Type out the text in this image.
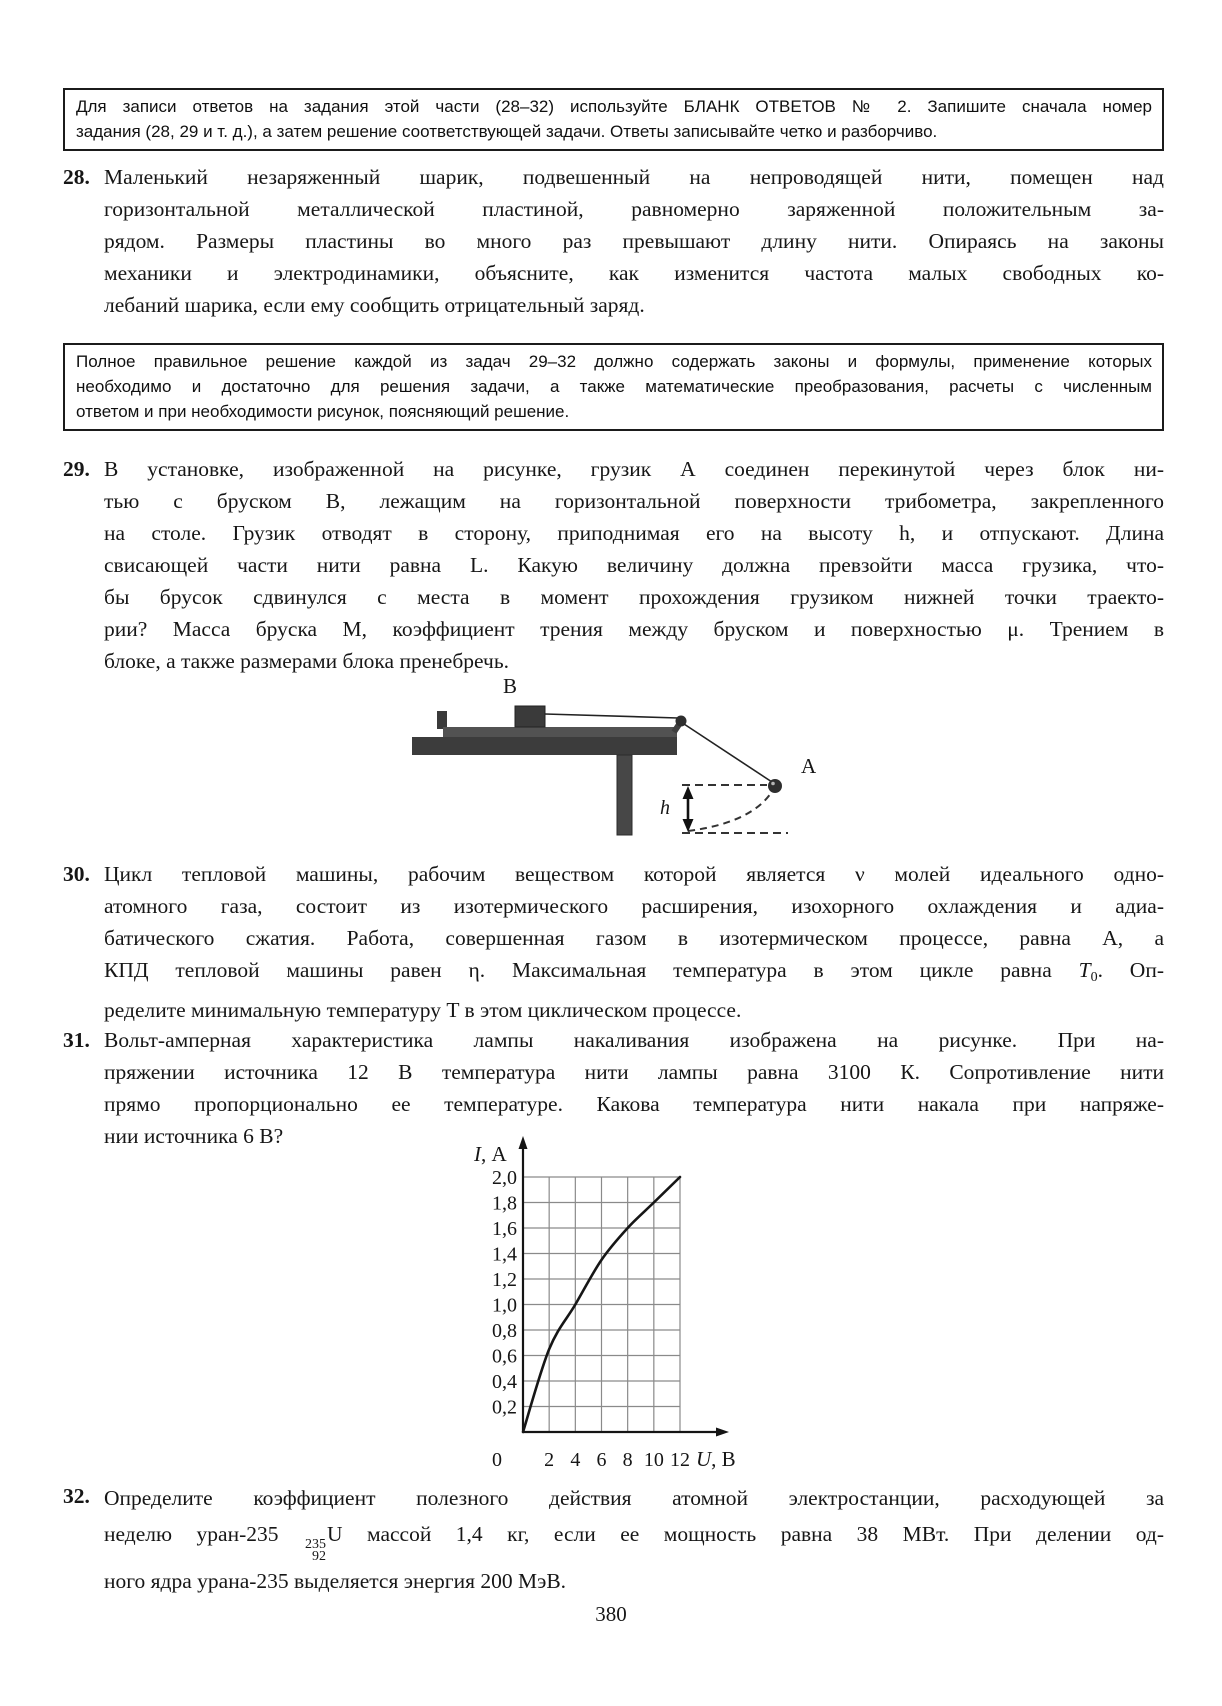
Для записи ответов на задания этой части (28–32) используйте БЛАНК ОТВЕТОВ № 2. Запишите сначала номер
задания (28, 29 и т. д.), а затем решение соответствующей задачи. Ответы записывайте четко и разборчиво.
28. Маленький незаряженный шарик, подвешенный на непроводящей нити, помещен над
горизонтальной металлической пластиной, равномерно заряженной положительным за-
рядом. Размеры пластины во много раз превышают длину нити. Опираясь на законы
механики и электродинамики, объясните, как изменится частота малых свободных ко-
лебаний шарика, если ему сообщить отрицательный заряд.
Полное правильное решение каждой из задач 29–32 должно содержать законы и формулы, применение которых
необходимо и достаточно для решения задачи, а также математические преобразования, расчеты с численным
ответом и при необходимости рисунок, поясняющий решение.
29. В установке, изображенной на рисунке, грузик А соединен перекинутой через блок ни-
тью с бруском В, лежащим на горизонтальной поверхности трибометра, закрепленного
на столе. Грузик отводят в сторону, приподнимая его на высоту h, и отпускают. Длина
свисающей части нити равна L. Какую величину должна превзойти масса грузика, что-
бы брусок сдвинулся с места в момент прохождения грузиком нижней точки траекто-
рии? Масса бруска M, коэффициент трения между бруском и поверхностью μ. Трением в
блоке, а также размерами блока пренебречь.
В
A
h
30. Цикл тепловой машины, рабочим веществом которой является ν молей идеального одно-
атомного газа, состоит из изотермического расширения, изохорного охлаждения и адиа-
батического сжатия. Работа, совершенная газом в изотермическом процессе, равна А, а
КПД тепловой машины равен η. Максимальная температура в этом цикле равна T0. Оп-
ределите минимальную температуру T в этом циклическом процессе.
31. Вольт-амперная характеристика лампы накаливания изображена на рисунке. При на-
пряжении источника 12 В температура нити лампы равна 3100 К. Сопротивление нити
прямо пропорционально ее температуре. Какова температура нити накала при напряже-
нии источника 6 В?
0,2
0,4
0,6
0,8
1,0
1,2
1,4
1,6
1,8
2,0
2 4 6 8 10 12
0	U, В
I, А
32. Определите коэффициент полезного действия атомной электростанции, расходующей за
неделю уран-235 235
92
U массой 1,4 кг, если ее мощность равна 38 МВт. При делении од-
ного ядра урана-235 выделяется энергия 200 МэВ.
380
